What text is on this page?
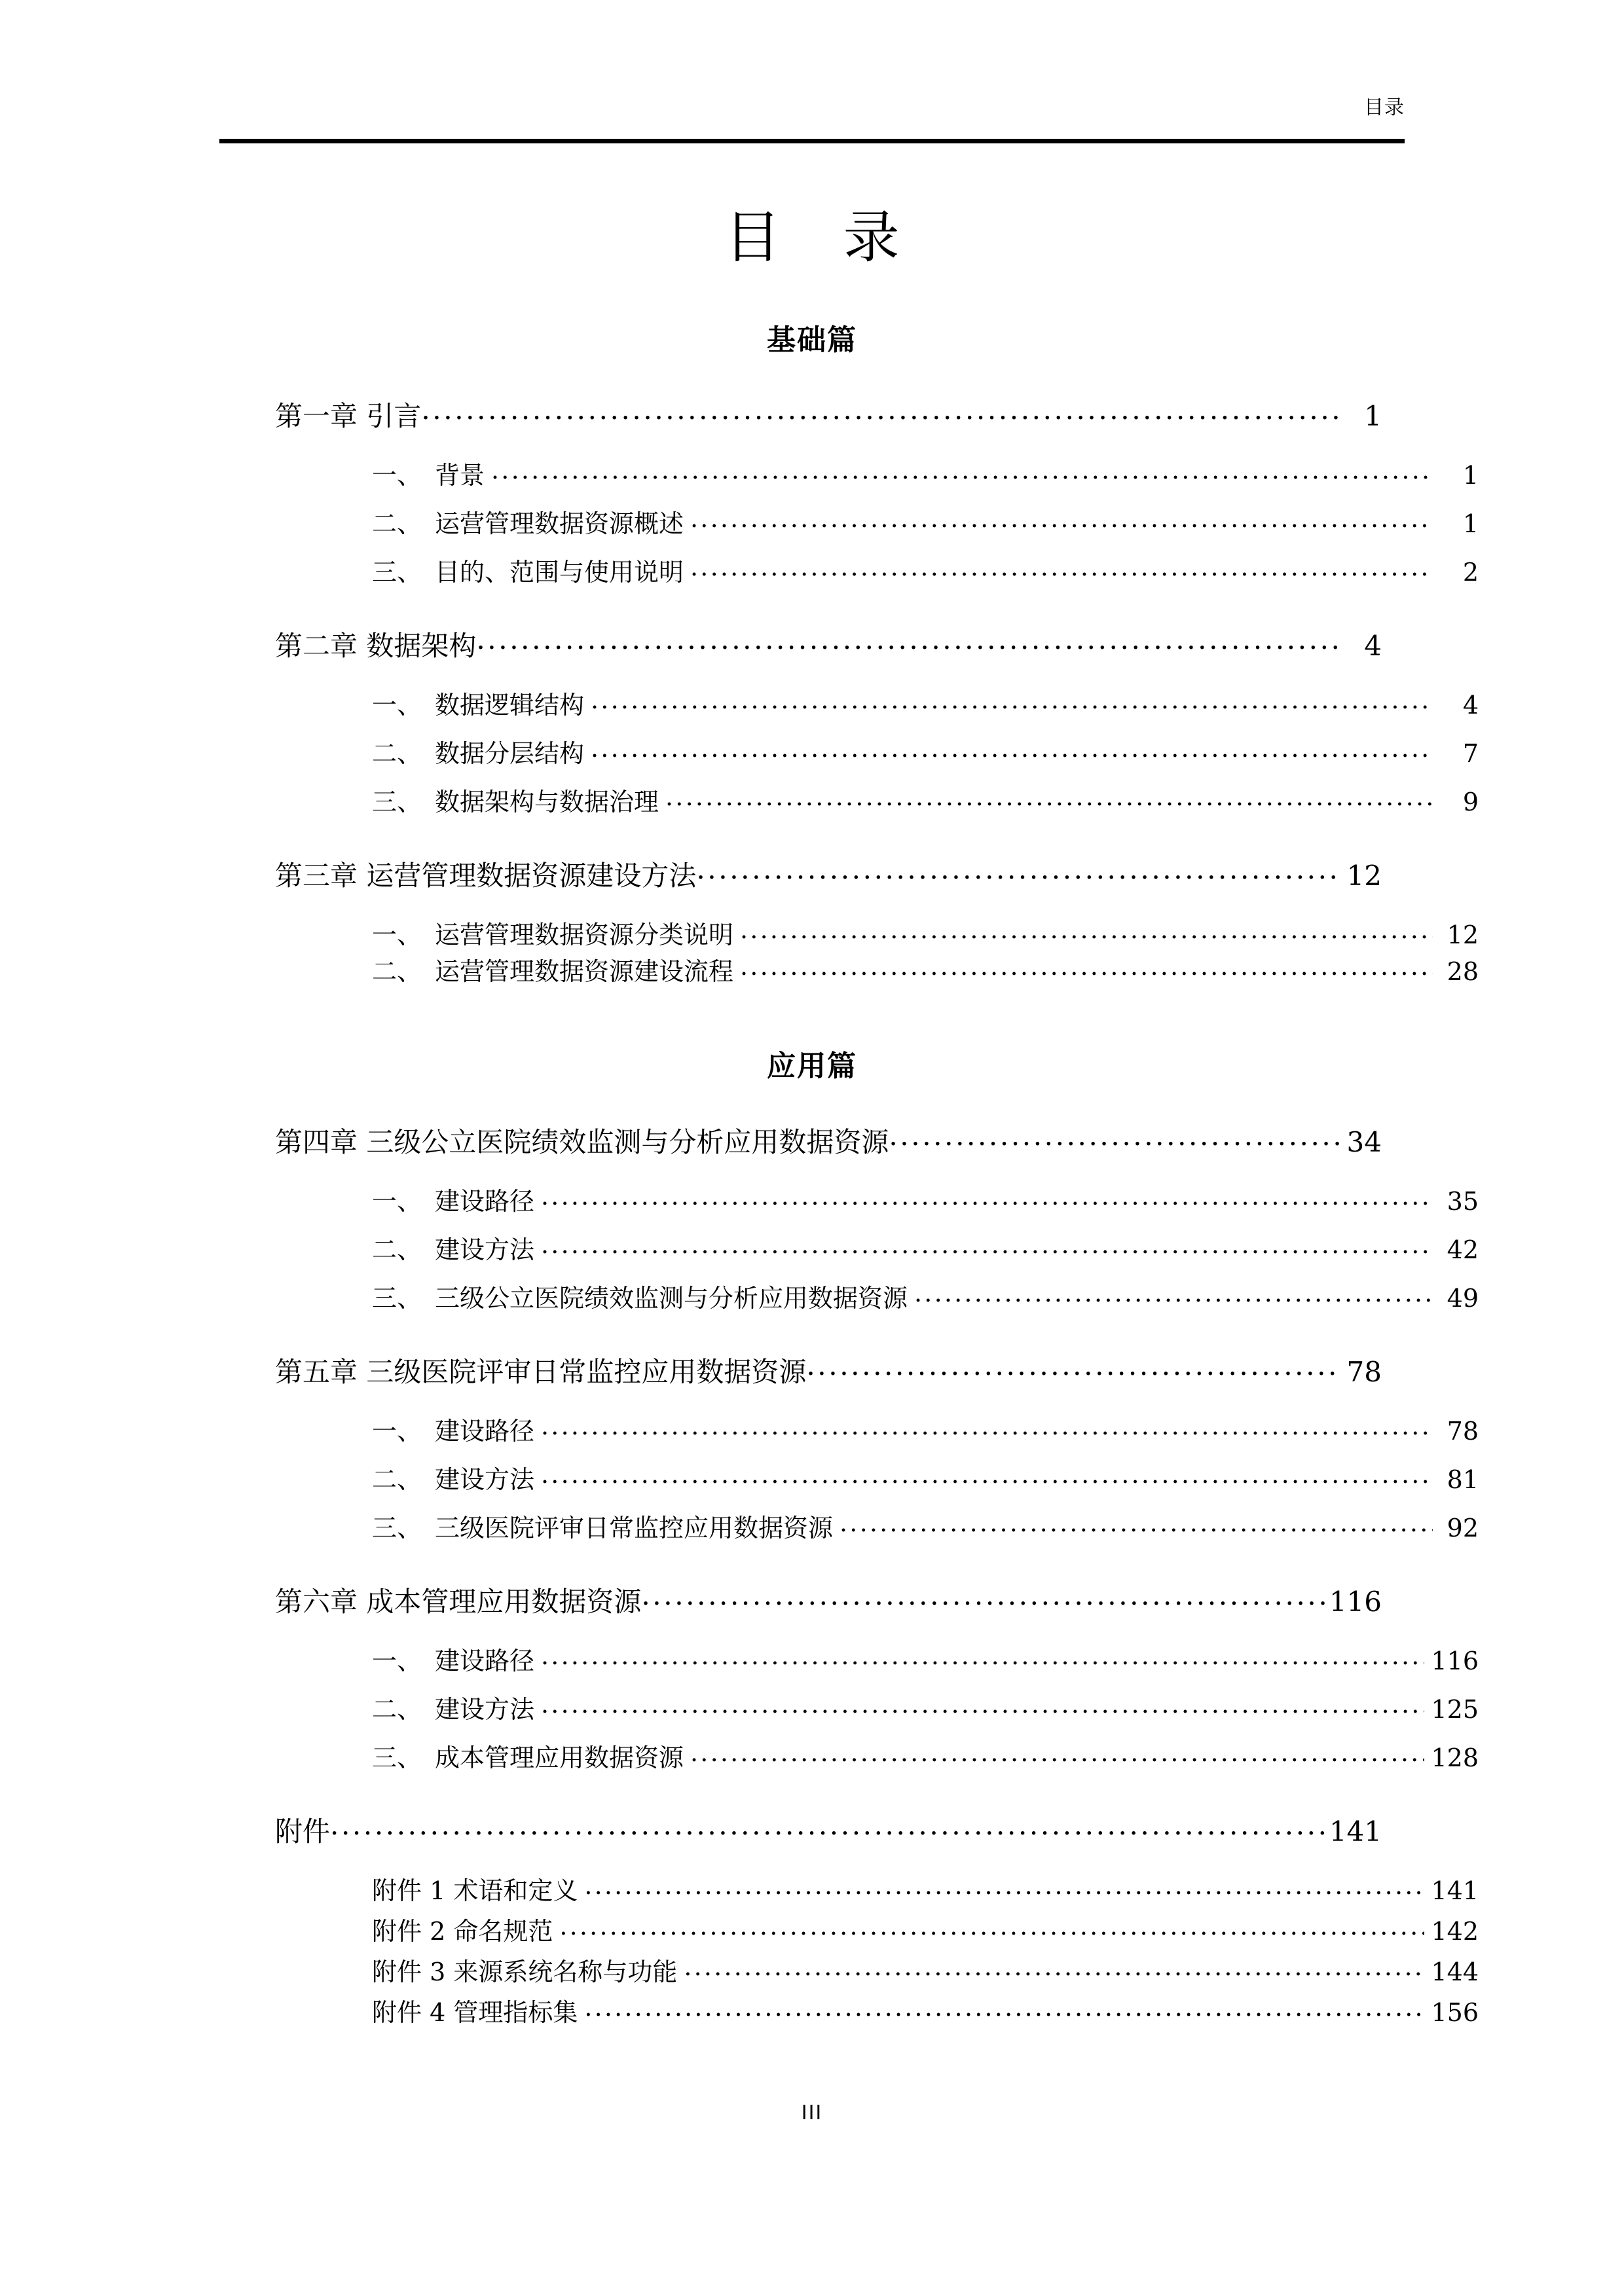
目录
目 录
基础篇
第一章 引言 .....	1
一、 背景 .....	1
二、 运营管理数据资源概述 .....	1
三、 目的、范围与使用说明 .....	2
第二章 数据架构 .....	4
一、 数据逻辑结构 .....	4
二、 数据分层结构 .....	7
三、 数据架构与数据治理 .....	9
第三章 运营管理数据资源建设方法 .....	12
一、 运营管理数据资源分类说明 .....	12
二、 运营管理数据资源建设流程 .....	28
应用篇
第四章 三级公立医院绩效监测与分析应用数据资源 .....	34
一、 建设路径 .....	35
二、 建设方法 .....	42
三、 三级公立医院绩效监测与分析应用数据资源 .....	49
第五章 三级医院评审日常监控应用数据资源 .....	78
一、 建设路径 .....	78
二、 建设方法 .....	81
三、 三级医院评审日常监控应用数据资源 .....	92
第六章 成本管理应用数据资源 .....	116
一、 建设路径 .....	116
二、 建设方法 .....	125
三、 成本管理应用数据资源 .....	128
附件 .....	141
附件 1 术语和定义 .....	141
附件 2 命名规范 .....	142
附件 3 来源系统名称与功能 .....	144
附件 4 管理指标集 .....	156
III
